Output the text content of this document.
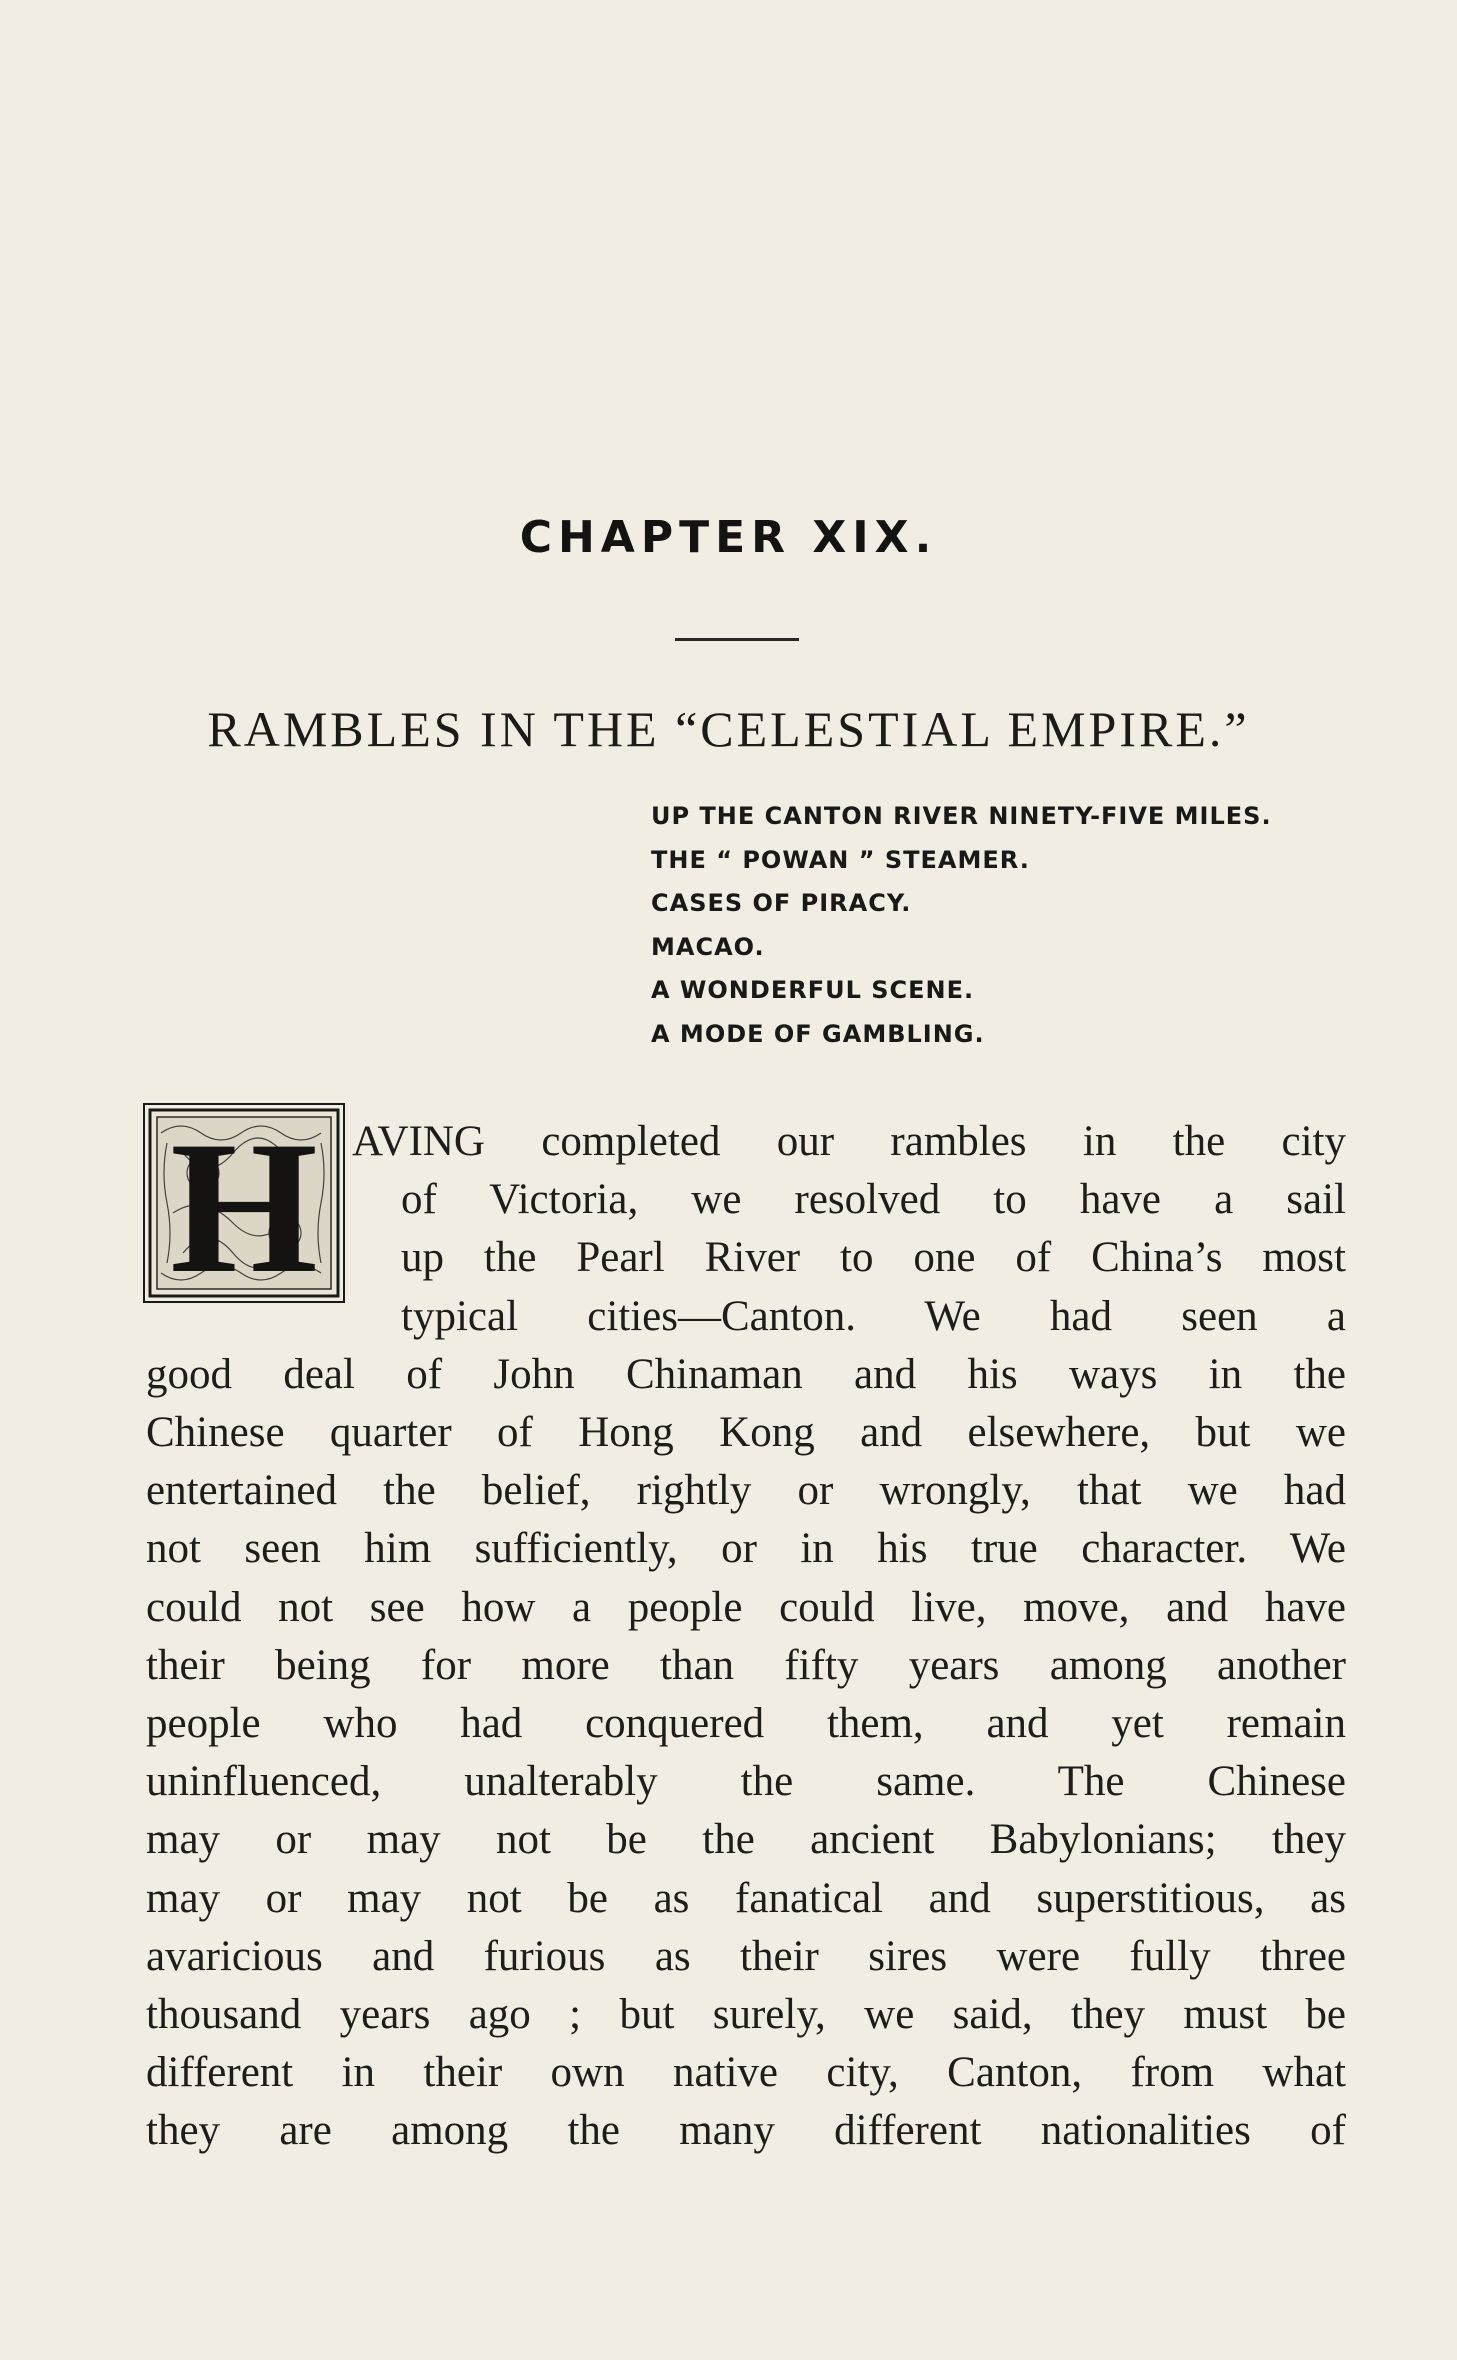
CHAPTER XIX.
RAMBLES IN THE “CELESTIAL EMPIRE.”
UP THE CANTON RIVER NINETY-FIVE MILES.
THE “ POWAN ” STEAMER.
CASES OF PIRACY.
MACAO.
A WONDERFUL SCENE.
A MODE OF GAMBLING.
H AVING completed our rambles in the city
of Victoria, we resolved to have a sail
up the Pearl River to one of China’s most
typical cities—Canton. We had seen a
good deal of John Chinaman and his ways in the
Chinese quarter of Hong Kong and elsewhere, but we
entertained the belief, rightly or wrongly, that we had
not seen him sufficiently, or in his true character. We
could not see how a people could live, move, and have
their being for more than fifty years among another
people who had conquered them, and yet remain
uninfluenced, unalterably the same. The Chinese
may or may not be the ancient Babylonians; they
may or may not be as fanatical and superstitious, as
avaricious and furious as their sires were fully three
thousand years ago ; but surely, we said, they must be
different in their own native city, Canton, from what
they are among the many different nationalities of
